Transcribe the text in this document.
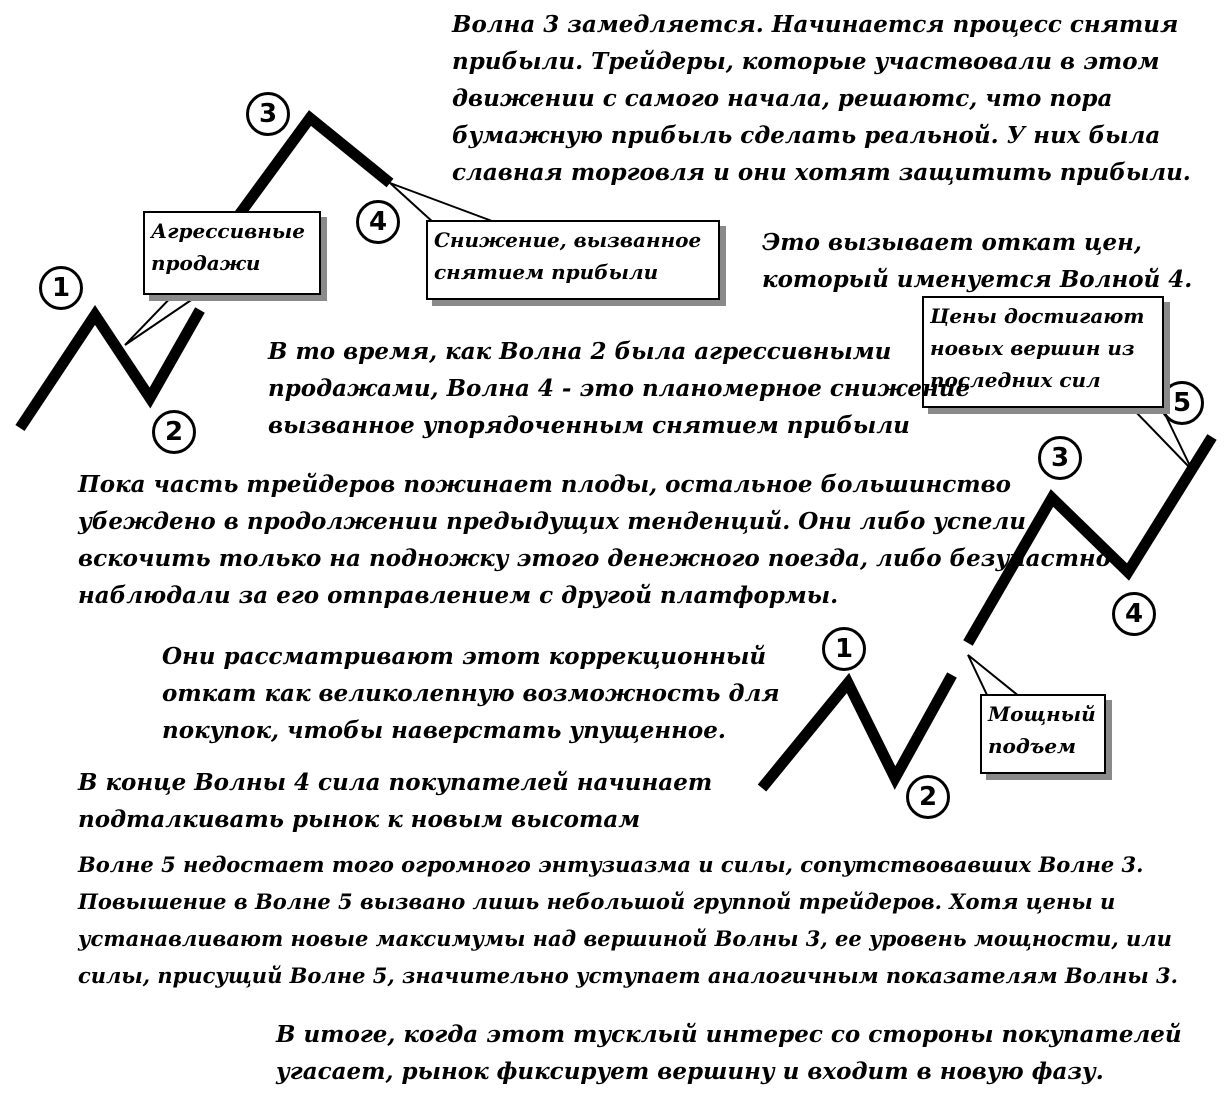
1
2
3
4
1
2
3
4
5
Агрессивные
продажи
Снижение, вызванное
снятием прибыли
Цены достигают
новых вершин из
последних сил
Мощный
подъем
Волна 3 замедляется. Начинается процесс снятия
прибыли. Трейдеры, которые участвовали в этом
движении с самого начала, решаютс, что пора
бумажную прибыль сделать реальной. У них была
славная торговля и они хотят защитить прибыли.
Это вызывает откат цен,
который именуется Волной 4.
В то время, как Волна 2 была агрессивными
продажами, Волна 4 - это планомерное снижение
вызванное упорядоченным снятием прибыли
Пока часть трейдеров пожинает плоды, остальное большинство
убеждено в продолжении предыдущих тенденций. Они либо успели
вскочить только на подножку этого денежного поезда, либо безучастно
наблюдали за его отправлением с другой платформы.
Они рассматривают этот коррекционный
откат как великолепную возможность для
покупок, чтобы наверстать упущенное.
В конце Волны 4 сила покупателей начинает
подталкивать рынок к новым высотам
Волне 5 недостает того огромного энтузиазма и силы, сопутствовавших Волне 3.
Повышение в Волне 5 вызвано лишь небольшой группой трейдеров. Хотя цены и
устанавливают новые максимумы над вершиной Волны 3, ее уровень мощности, или
силы, присущий Волне 5, значительно уступает аналогичным показателям Волны 3.
В итоге, когда этот тусклый интерес со стороны покупателей
угасает, рынок фиксирует вершину и входит в новую фазу.
